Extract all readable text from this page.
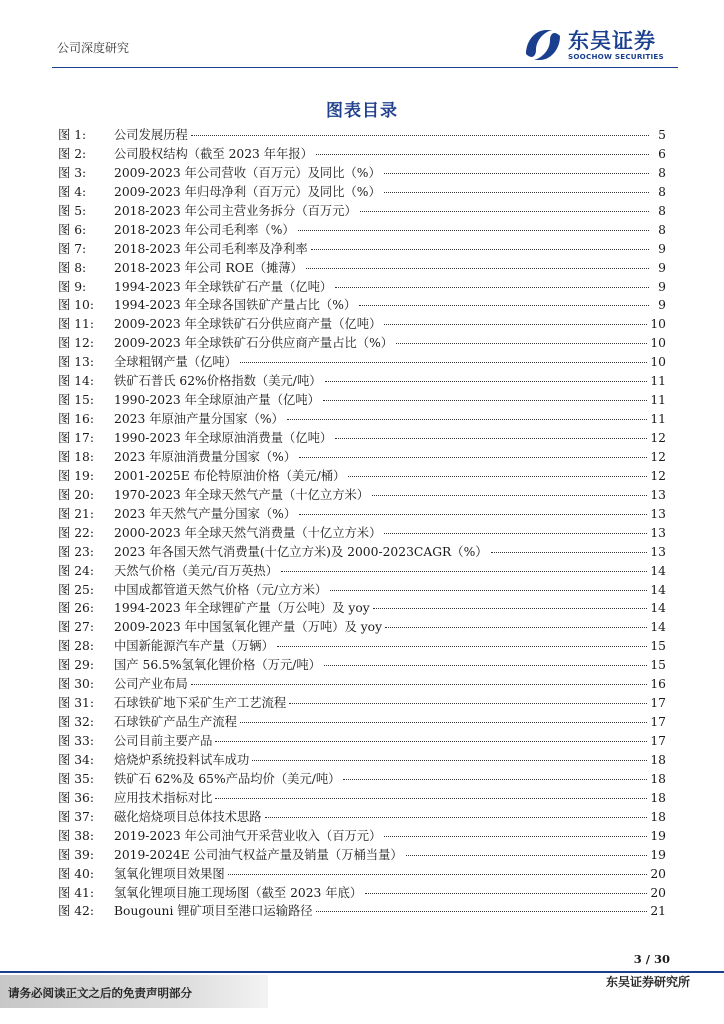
公司深度研究	东吴证券
SOOCHOW SECURITIES
图表目录
图 1:	公司发展历程	5
图 2:	公司股权结构（截至 2023 年年报）	6
图 3:	2009-2023 年公司营收（百万元）及同比（%）	8
图 4:	2009-2023 年归母净利（百万元）及同比（%）	8
图 5:	2018-2023 年公司主营业务拆分（百万元）	8
图 6:	2018-2023 年公司毛利率（%）	8
图 7:	2018-2023 年公司毛利率及净利率	9
图 8:	2018-2023 年公司 ROE（摊薄）	9
图 9:	1994-2023 年全球铁矿石产量（亿吨）	9
图 10:	1994-2023 年全球各国铁矿产量占比（%）	9
图 11:	2009-2023 年全球铁矿石分供应商产量（亿吨）	10
图 12:	2009-2023 年全球铁矿石分供应商产量占比（%）	10
图 13:	全球粗钢产量（亿吨）	10
图 14:	铁矿石普氏 62%价格指数（美元/吨）	11
图 15:	1990-2023 年全球原油产量（亿吨）	11
图 16:	2023 年原油产量分国家（%）	11
图 17:	1990-2023 年全球原油消费量（亿吨）	12
图 18:	2023 年原油消费量分国家（%）	12
图 19:	2001-2025E 布伦特原油价格（美元/桶）	12
图 20:	1970-2023 年全球天然气产量（十亿立方米）	13
图 21:	2023 年天然气产量分国家（%）	13
图 22:	2000-2023 年全球天然气消费量（十亿立方米）	13
图 23:	2023 年各国天然气消费量(十亿立方米)及 2000-2023CAGR（%）	13
图 24:	天然气价格（美元/百万英热）	14
图 25:	中国成都管道天然气价格（元/立方米）	14
图 26:	1994-2023 年全球锂矿产量（万公吨）及 yoy	14
图 27:	2009-2023 年中国氢氧化锂产量（万吨）及 yoy	14
图 28:	中国新能源汽车产量（万辆）	15
图 29:	国产 56.5%氢氧化锂价格（万元/吨）	15
图 30:	公司产业布局	16
图 31:	石球铁矿地下采矿生产工艺流程	17
图 32:	石球铁矿产品生产流程	17
图 33:	公司目前主要产品	17
图 34:	焙烧炉系统投料试车成功	18
图 35:	铁矿石 62%及 65%产品均价（美元/吨）	18
图 36:	应用技术指标对比	18
图 37:	磁化焙烧项目总体技术思路	18
图 38:	2019-2023 年公司油气开采营业收入（百万元）	19
图 39:	2019-2024E 公司油气权益产量及销量（万桶当量）	19
图 40:	氢氧化锂项目效果图	20
图 41:	氢氧化锂项目施工现场图（截至 2023 年底）	20
图 42:	Bougouni 锂矿项目至港口运输路径	21
3 / 30
请务必阅读正文之后的免责声明部分
东吴证券研究所
